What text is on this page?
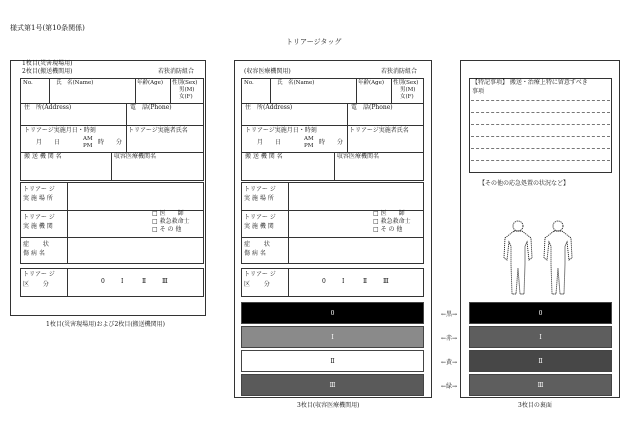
様式第1号(第10条関係)
トリアージタッグ
1枚目(災害現場用)
2枚目(搬送機関用)	若狭消防組合
No.	氏　名(Name)	年齢(Age) 性別(Sex)
男(M)
女(F)
住　所(Address)	電　話(Phone)
トリアージ実施月日・時刻
月　　日	AM
PM 時　　分
トリアージ実施者氏名
搬 送 機 関 名	収容医療機関名
トリアー ジ
実 施 場 所
トリアー ジ
実 施 機 関
□ 医　　師
□ 救急救命士
□ そ の 他
症　　 状
傷 病 名
トリアー ジ
区　　 分	0	Ⅰ	Ⅱ	Ⅲ
1枚目(災害現場用)および2枚目(搬送機関用)
(収容医療機関用)	若狭消防組合
No.	氏　名(Name)	年齢(Age) 性別(Sex)
男(M)
女(F)
住　所(Address)	電　話(Phone)
トリアージ実施月日・時刻
月　　日	AM
PM 時　　分
トリアージ実施者氏名
搬 送 機 関 名	収容医療機関名
トリアー ジ
実 施 場 所
トリアー ジ
実 施 機 関
□ 医　　師
□ 救急救命士
□ そ の 他
症　　 状
傷 病 名
トリアー ジ
区　　 分	0	Ⅰ	Ⅱ	Ⅲ
0
Ⅰ
Ⅱ
Ⅲ
3枚目(収容医療機関用)
←黒→
←赤→
←黄→
←緑→
【特記事項】 搬送・治療上特に留意すべき
事項
【その他の応急処置の状況など】
0
Ⅰ
Ⅱ
Ⅲ
3枚目の裏面
